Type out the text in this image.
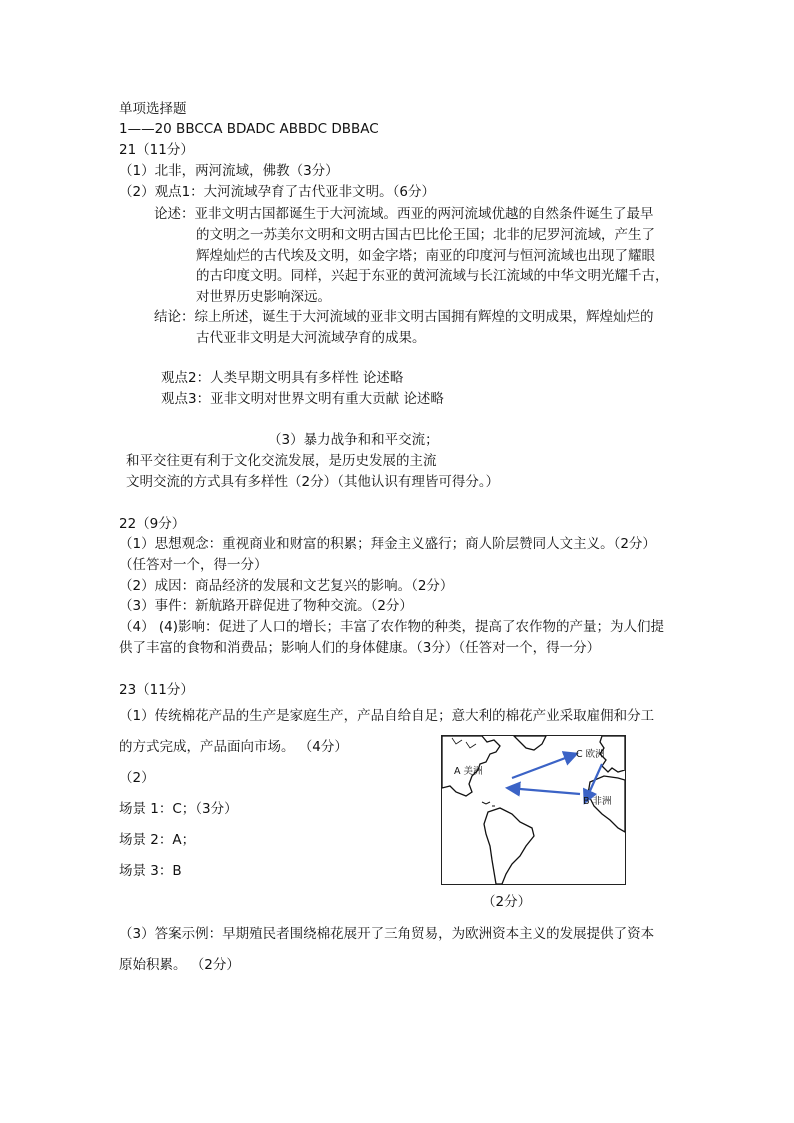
单项选择题
1——20 BBCCA BDADC ABBDC DBBAC
21（11分）
（1）北非，两河流域，佛教（3分）
（2）观点1：大河流域孕育了古代亚非文明。（6分）
论述：亚非文明古国都诞生于大河流域。西亚的两河流域优越的自然条件诞生了最早
的文明之一苏美尔文明和文明古国古巴比伦王国；北非的尼罗河流域，产生了
辉煌灿烂的古代埃及文明，如金字塔；南亚的印度河与恒河流域也出现了耀眼
的古印度文明。同样，兴起于东亚的黄河流域与长江流域的中华文明光耀千古，
对世界历史影响深远。
结论：综上所述，诞生于大河流域的亚非文明古国拥有辉煌的文明成果，辉煌灿烂的
古代亚非文明是大河流域孕育的成果。
观点2：人类早期文明具有多样性 论述略
观点3：亚非文明对世界文明有重大贡献 论述略
（3）暴力战争和和平交流；
和平交往更有利于文化交流发展，是历史发展的主流
文明交流的方式具有多样性（2分）（其他认识有理皆可得分。）
22（9分）
（1）思想观念：重视商业和财富的积累；拜金主义盛行；商人阶层赞同人文主义。（2分）
（任答对一个，得一分）
（2）成因：商品经济的发展和文艺复兴的影响。（2分）
（3）事件：新航路开辟促进了物种交流。（2分）
（4） (4)影响：促进了人口的增长；丰富了农作物的种类，提高了农作物的产量；为人们提
供了丰富的食物和消费品；影响人们的身体健康。（3分）（任答对一个，得一分）
23（11分）
（1）传统棉花产品的生产是家庭生产，产品自给自足；意大利的棉花产业采取雇佣和分工
的方式完成，产品面向市场。 （4分）
（2）
场景 1：C；（3分）
场景 2：A；
场景 3：B
A 美洲
C 欧洲
B 非洲
（2分）
（3）答案示例：早期殖民者围绕棉花展开了三角贸易，为欧洲资本主义的发展提供了资本
原始积累。 （2分）
